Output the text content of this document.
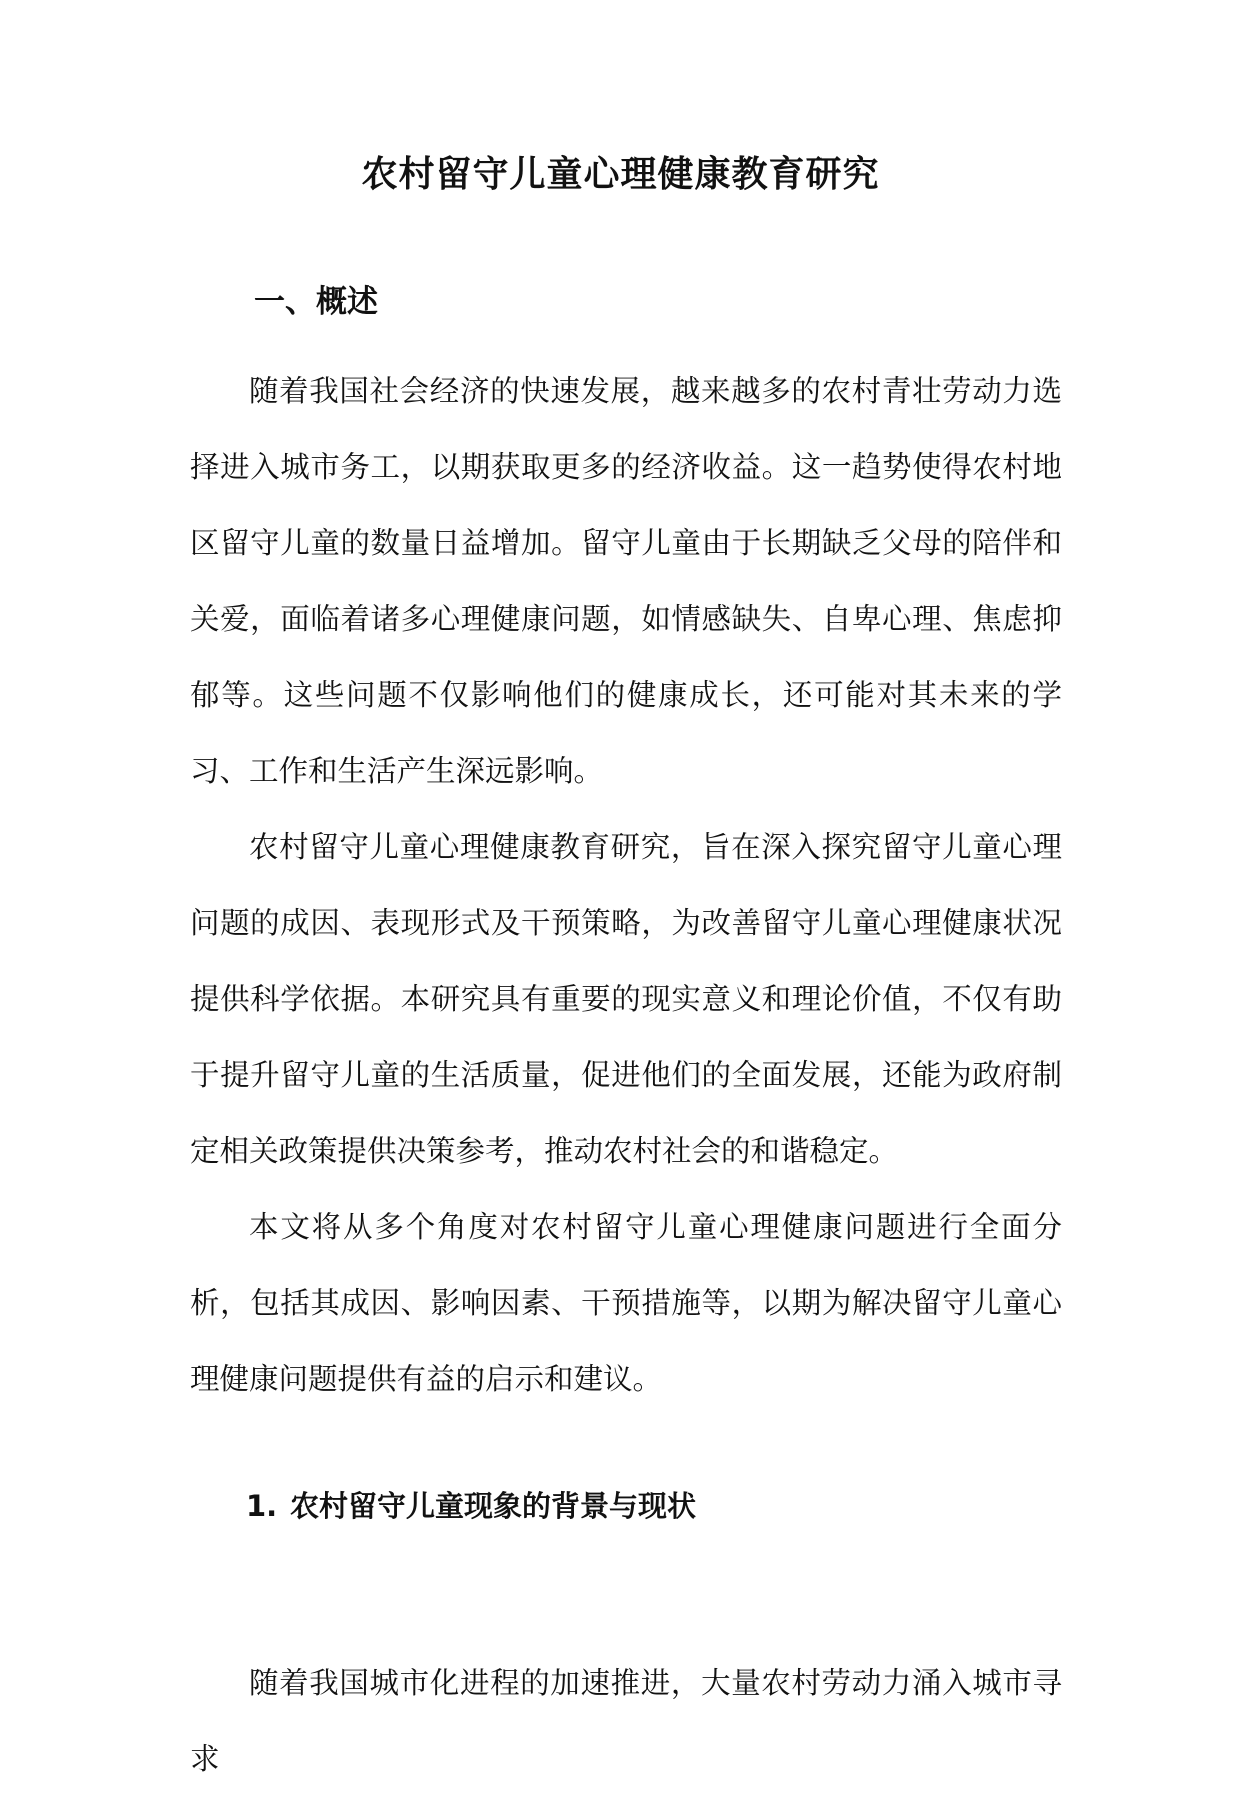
农村留守儿童心理健康教育研究
一、概述

随着我国社会经济的快速发展，越来越多的农村青壮劳动力选择进入城市务工，以期获取更多的经济收益。这一趋势使得农村地区留守儿童的数量日益增加。留守儿童由于长期缺乏父母的陪伴和关爱，面临着诸多心理健康问题，如情感缺失、自卑心理、焦虑抑郁等。这些问题不仅影响他们的健康成长，还可能对其未来的学习、工作和生活产生深远影响。

农村留守儿童心理健康教育研究，旨在深入探究留守儿童心理问题的成因、表现形式及干预策略，为改善留守儿童心理健康状况提供科学依据。本研究具有重要的现实意义和理论价值，不仅有助于提升留守儿童的生活质量，促进他们的全面发展，还能为政府制定相关政策提供决策参考，推动农村社会的和谐稳定。

本文将从多个角度对农村留守儿童心理健康问题进行全面分析，包括其成因、影响因素、干预措施等，以期为解决留守儿童心理健康问题提供有益的启示和建议。

1. 农村留守儿童现象的背景与现状

随着我国城市化进程的加速推进，大量农村劳动力涌入城市寻求
